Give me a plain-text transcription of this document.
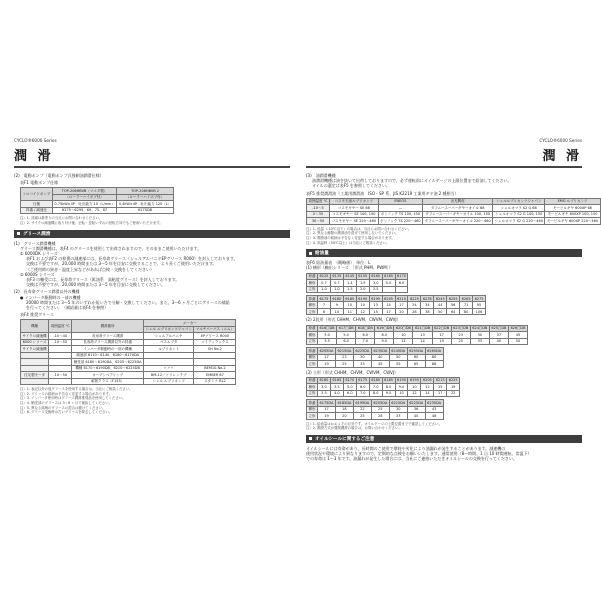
CYCLO®6000 Series
潤 滑
(2)　電動ポンプ（電動ポンプ式強制油潤滑仕様）
表F1 電動ポンプ仕様
トロコイドポンプ	TOP-206HBVB（マエダ製）	TOP-206HBVB 2
	（ローラーハイポブ付）	（ローラーハイポブ付）
仕様	0.75kW×4P　吐出能力 10（L/min）	0.4kW×4P　吐出能力 120（L）
枠番 / 減速比	6275〜6295、69、75、87	6275DB
注）1. 詳細は最寄りの当社にお問い合わせください。
注）2. サイクロ減速機に取り付け後、正転・逆転いずれの回転方向でもご使用いただけます。
グリース潤滑
(1)　グリース潤滑機種
グリース潤滑機種は、表F4 のグリースを使用して出荷されますので、そのままご使用いただけます。
① 6000DK シリーズ
表F1 および表F2 の枠番の減速部には、長寿命グリース（シェルアルバニヤEPグリース R000）を封入しております。
交換は不要ですが、20,000 時間または 3〜5 年を目安に交換することで、より長くご使用いただけます。
（ご使用時の異音・温度上昇などがあれば点検・交換をしてください）
② 6000S シリーズ
表F3 の軸受には、長寿命グリース（鉱油系　高粘度グリース）を封入しております。
交換は不要ですが、20,000 時間または 3〜5 年を目安に交換してください。
(2)　長寿命グリース潤滑以外の機種
● インバータ駆動時の一部の機種
20000 時間または 3〜5 年のいずれか短い方で分解・交換してください。また、3〜6 ヶ月ごとにグリースの補給
を行ってください。（補給量は表F4 を参照）
表F4 推奨グリース
機種	周囲温度 ℃	潤滑箇所	メーカー	
			シェル ルブリカンツジャパン	マルチパーパス（エム）
サイクロ減速機	-10〜40	長寿命グリース潤滑	シェルアルバニヤ	EPグリース R000
6000 シリーズ	-10〜50	長寿命グリース潤滑以外の枠番	ベスルブタ	マイティラックス
サイクロ減速機		インバータ駆動時の一部の機種	ルブリカント	SH No.2
		減速部 6110〜6140、6160〜6170DA		
		軸受部 6180〜6190DA、6205〜6225DA		
		機種 6170〜6190DB、6210〜6225DB	〃〃〃	BEM10-No.2
住友製モータ	-10〜50	オープンベアリング	BM-12／ドリレンラブ	EMBER 67
		耐熱クラス（F155）	シェル ルブリカンツ	スタミナ RL2
注）1. 表記以外の他グリースを使用する場合は、当社にご相談ください。
注）2. グリースの銘柄は予告なく変更する場合があります。
注）3. インバータ使用時はグリース潤滑推奨品を使用してください。
注）4. 軸受部のグリースは 3〜6 ヶ月で補給してください。
注）5. 異なる銘柄のグリースの混合は避けてください。
注）6. グリース交換時は古いグリースを除去してください。
CYCLO®6000 Series
潤 滑
(3)　油潤滑機種
油潤滑機種は油を抜いて出荷しておりますので、必ず運転前にオイルゲージの上限位置まで給油してください。
オイルの選定は表F5 を参照してください。
表F5 推奨潤滑油（工業用潤滑油　ISO・SP 系、JIS K2219 工業用ギヤ油 2 種相当）
周囲温度 ℃	コスモ石油ルブリカンツ	ENEOS	出光興産	シェルルブリカンツジャパン	EMG ルブリカンツ
-10〜5	コスモギヤー SE 68	—	ダフニースーパーギヤーオイル 68	シェルオマラ S2 G 68	モービルギヤ 600XP 68
0〜35	コスモギヤー SE 100, 150	ボンノック TS 100, 150	ダフニースーパーギヤーオイル 100, 150	シェルオマラ S2 G 100, 150	モービルギヤ 600XP 100, 150
30〜50	コスモギヤー SE 220〜460	ボンノック TS 220〜460	ダフニースーパーギヤーオイル 220〜460	シェルオマラ S2 G 220〜460	モービルギヤ 600XP 220〜460
注）1. 低温（-10℃以下）の場合は、当社にお問い合わせください。
注）2. 異なる種類の潤滑油を混ぜて使用しないでください。
注）3. 潤滑油の銘柄は予告なく変更する場合があります。
注）4. 高温時（50℃以上）は当社にご相談ください。
給油量
表F6 給油量表　（概略値）　単位：L
(1) 横形（軸出シリーズ　［形式 PHM、PWM］）
枠番	6125	6135	6145	6155	6160	6165	6170
横形	0.7	0.7	1.4	1.9	3.0	5.0	6.0
立形	1.0	1.0	1.5	2.0	3.5		
枠番	6175	6180	6185	6190	6195	6205	6215	6225	6235	6245	6255	6265	6275
横形	7	9	10	10	13	14	17	24	34	44	56	71	95
立形	8	10	11	12	15	17	20	28	38	50	64	80	106
(2) 2段形（形式 CHHM、CHVM、CWVM、CWVJ）
枠番	616□DB	617□DB	618□DB	619□DB	620□DB	621□DB	622□DB	623□DB	624□DB	625□DB	626□DB
横形	3.0	5.0	6.0	8.0	10	13	17	23	30	37	45
立形	3.5	6.0	7.0	9.0	11	14	19	25	33	40	50
枠番	6205DA	6215DA	6225DA	6235DA	6245DA	6255DA	6265DA
横形	17	23	30	40	50	60	80
立形	19	25	33	45	55	65	88
(3) 立形（形式 CHHM、CHVM、CWVM、CWVJ）
枠番	6160	6165	6170	6175	6180	6185	6190	6195	6205	6215	6225
横形	3.0	3.5	5.0	6.0	7.0	8.0	9.0	10	12	15	19
立形	3.5	4.0	6.0	7.0	8.0	9.0	10	12	14	17	22
枠番	6175DA	6185DA	6195DA	6205DA	6215DA	6225DA	6235DA
横形	17	18	22	25	30	36	43
立形	19	20	25	28	33	40	48
注）1. 給油量はおおよその目安です。オイルゲージの上限位置までで確認してください。
注）2. 潤滑方式が強制潤滑の場合は、お問い合わせください。
オイルシールに関するご注意
オイルシールには寿命があり、長時間のご使用で摩耗や劣化により油漏れが発生することがあります。減速機の
使用状況や環境により異なりますので、定期的な点検をお願いいたします。通常使用（8〜時間、1 日 10 時間運転、常温下）
での寿命は 1〜3 年です。油漏れが発生した場合には、当社にご連絡いただきオイルシールの交換を行ってください。
